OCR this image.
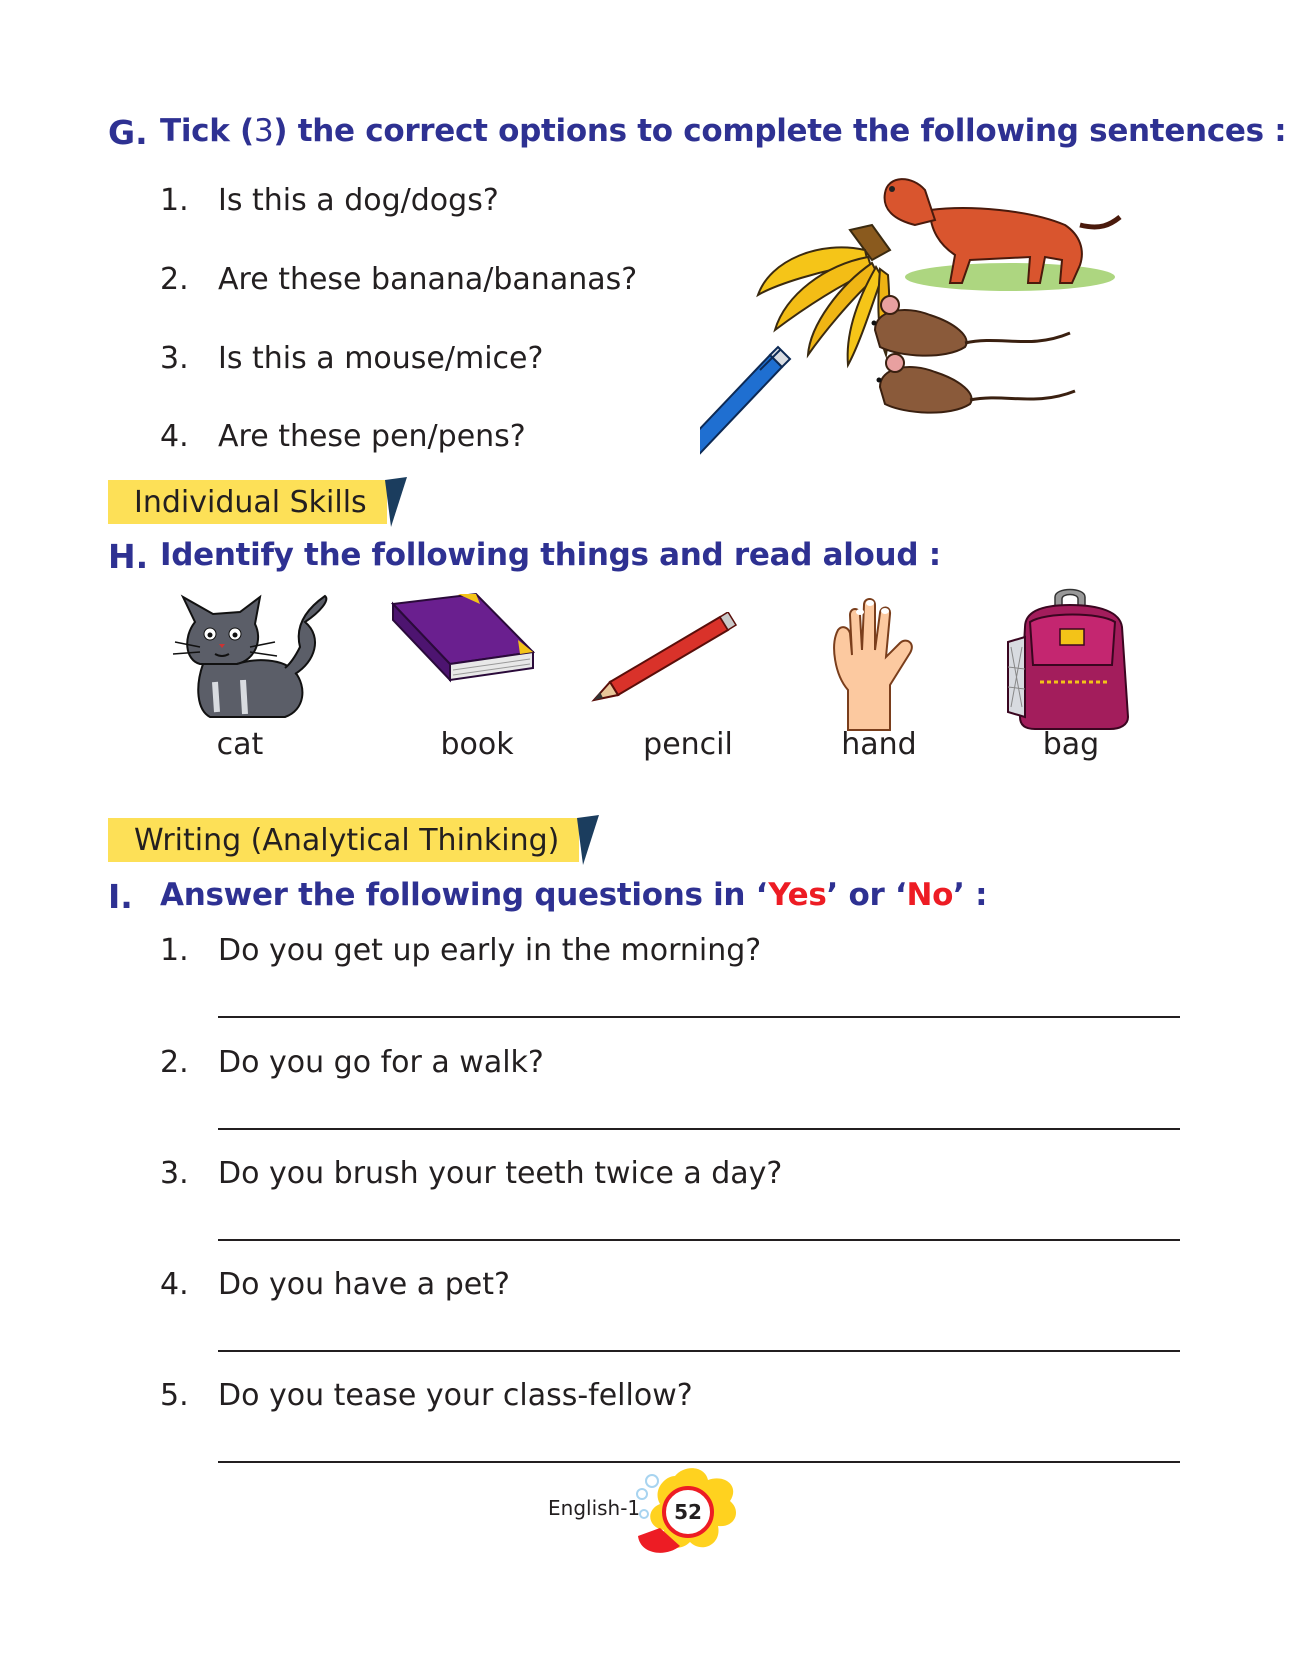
G. Tick (3) the correct options to complete the following sentences :
1. Is this a dog/dogs?
2. Are these banana/bananas?
3. Is this a mouse/mice?
4. Are these pen/pens?
Individual Skills
H. Identify the following things and read aloud :
cat	book	pencil	hand	bag
Writing (Analytical Thinking)
I. Answer the following questions in ‘Yes’ or ‘No’ :
1. Do you get up early in the morning?
2. Do you go for a walk?
3. Do you brush your teeth twice a day?
4. Do you have a pet?
5. Do you tease your class-fellow?
English-1 52
